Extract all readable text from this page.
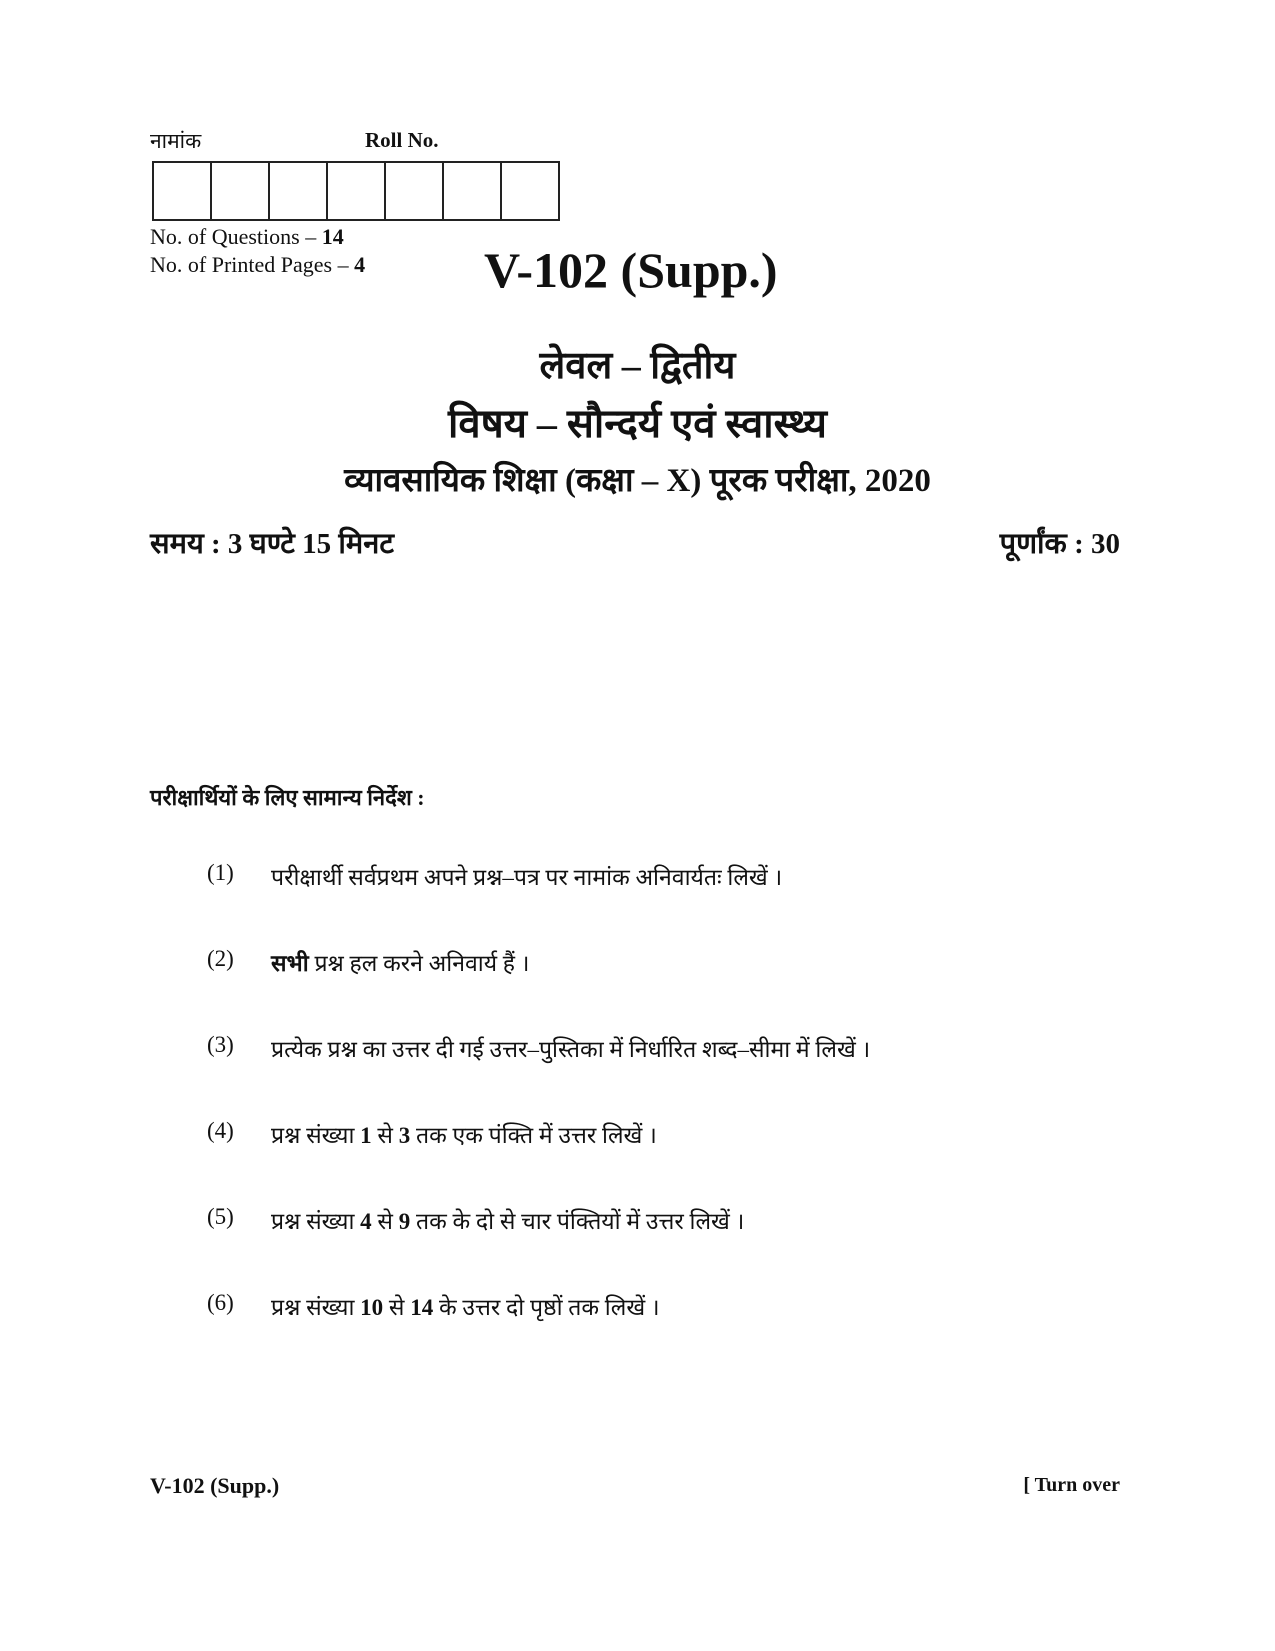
नामांक	Roll No.
No. of Questions – 14
No. of Printed Pages – 4 V-102 (Supp.)
लेवल – द्वितीय
विषय – सौन्दर्य एवं स्वास्थ्य
व्यावसायिक शिक्षा (कक्षा – X) पूरक परीक्षा, 2020
समय : 3 घण्टे 15 मिनट	पूर्णांक : 30
परीक्षार्थियों के लिए सामान्य निर्देश :
(1)	परीक्षार्थी सर्वप्रथम अपने प्रश्न–पत्र पर नामांक अनिवार्यतः लिखें ।
(2)	सभी प्रश्न हल करने अनिवार्य हैं ।
(3)	प्रत्येक प्रश्न का उत्तर दी गई उत्तर–पुस्तिका में निर्धारित शब्द–सीमा में लिखें ।
(4)	प्रश्न संख्या 1 से 3 तक एक पंक्ति में उत्तर लिखें ।
(5)	प्रश्न संख्या 4 से 9 तक के दो से चार पंक्तियों में उत्तर लिखें ।
(6)	प्रश्न संख्या 10 से 14 के उत्तर दो पृष्ठों तक लिखें ।
V-102 (Supp.)	[ Turn over
